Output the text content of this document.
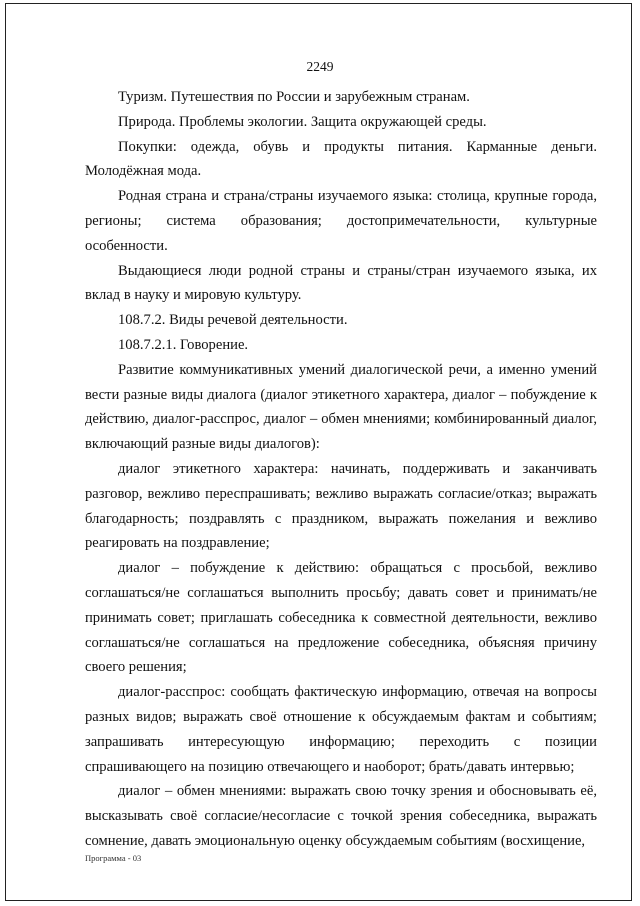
2249

Туризм. Путешествия по России и зарубежным странам.

Природа. Проблемы экологии. Защита окружающей среды.

Покупки: одежда, обувь и продукты питания. Карманные деньги. Молодёжная мода.

Родная страна и страна/страны изучаемого языка: столица, крупные города, регионы; система образования; достопримечательности, культурные особенности.

Выдающиеся люди родной страны и страны/стран изучаемого языка, их вклад в науку и мировую культуру.

108.7.2. Виды речевой деятельности.

108.7.2.1. Говорение.

Развитие коммуникативных умений диалогической речи, а именно умений вести разные виды диалога (диалог этикетного характера, диалог – побуждение к действию, диалог-расспрос, диалог – обмен мнениями; комбинированный диалог, включающий разные виды диалогов):

диалог этикетного характера: начинать, поддерживать и заканчивать разговор, вежливо переспрашивать; вежливо выражать согласие/отказ; выражать благодарность; поздравлять с праздником, выражать пожелания и вежливо реагировать на поздравление;

диалог – побуждение к действию: обращаться с просьбой, вежливо соглашаться/не соглашаться выполнить просьбу; давать совет и принимать/не принимать совет; приглашать собеседника к совместной деятельности, вежливо соглашаться/не соглашаться на предложение собеседника, объясняя причину своего решения;

диалог-расспрос: сообщать фактическую информацию, отвечая на вопросы разных видов; выражать своё отношение к обсуждаемым фактам и событиям; запрашивать интересующую информацию; переходить с позиции спрашивающего на позицию отвечающего и наоборот; брать/давать интервью;

диалог – обмен мнениями: выражать свою точку зрения и обосновывать её, высказывать своё согласие/несогласие с точкой зрения собеседника, выражать сомнение, давать эмоциональную оценку обсуждаемым событиям (восхищение,

Программа - 03
